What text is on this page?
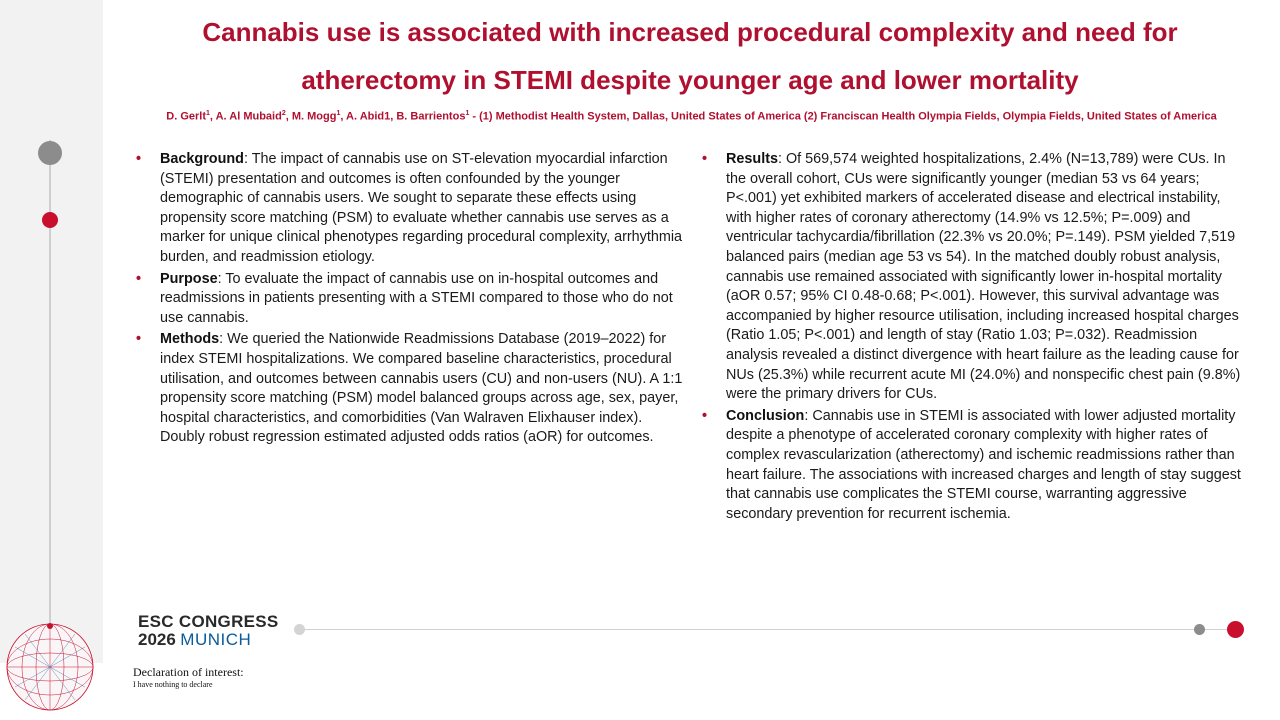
Cannabis use is associated with increased procedural complexity and need for
atherectomy in STEMI despite younger age and lower mortality
D. Gerlt$^1$, A. Al Mubaid$^2$, M. Mogg$^1$, A. Abid1, B. Barrientos$^1$ - (1) Methodist Health System, Dallas, United States of America (2) Franciscan Health Olympia Fields, Olympia Fields, United States of America
• Background: The impact of cannabis use on ST-elevation myocardial infarction (STEMI) presentation and outcomes is often confounded by the younger demographic of cannabis users. We sought to separate these effects using propensity score matching (PSM) to evaluate whether cannabis use serves as a marker for unique clinical phenotypes regarding procedural complexity, arrhythmia burden, and readmission etiology.
• Purpose: To evaluate the impact of cannabis use on in-hospital outcomes and readmissions in patients presenting with a STEMI compared to those who do not use cannabis.
• Methods: We queried the Nationwide Readmissions Database (2019–2022) for index STEMI hospitalizations. We compared baseline characteristics, procedural utilisation, and outcomes between cannabis users (CU) and non-users (NU). A 1:1 propensity score matching (PSM) model balanced groups across age, sex, payer, hospital characteristics, and comorbidities (Van Walraven Elixhauser index). Doubly robust regression estimated adjusted odds ratios (aOR) for outcomes.
• Results: Of 569,574 weighted hospitalizations, 2.4% (N=13,789) were CUs. In the overall cohort, CUs were significantly younger (median 53 vs 64 years; P<.001) yet exhibited markers of accelerated disease and electrical instability, with higher rates of coronary atherectomy (14.9% vs 12.5%; P=.009) and ventricular tachycardia/fibrillation (22.3% vs 20.0%; P=.149). PSM yielded 7,519 balanced pairs (median age 53 vs 54). In the matched doubly robust analysis, cannabis use remained associated with significantly lower in-hospital mortality (aOR 0.57; 95% CI 0.48-0.68; P<.001). However, this survival advantage was accompanied by higher resource utilisation, including increased hospital charges (Ratio 1.05; P<.001) and length of stay (Ratio 1.03; P=.032). Readmission analysis revealed a distinct divergence with heart failure as the leading cause for NUs (25.3%) while recurrent acute MI (24.0%) and nonspecific chest pain (9.8%) were the primary drivers for CUs.
• Conclusion: Cannabis use in STEMI is associated with lower adjusted mortality despite a phenotype of accelerated coronary complexity with higher rates of complex revascularization (atherectomy) and ischemic readmissions rather than heart failure. The associations with increased charges and length of stay suggest that cannabis use complicates the STEMI course, warranting aggressive secondary prevention for recurrent ischemia.
ESC CONGRESS
2026 MUNICH
Declaration of interest:
I have nothing to declare
